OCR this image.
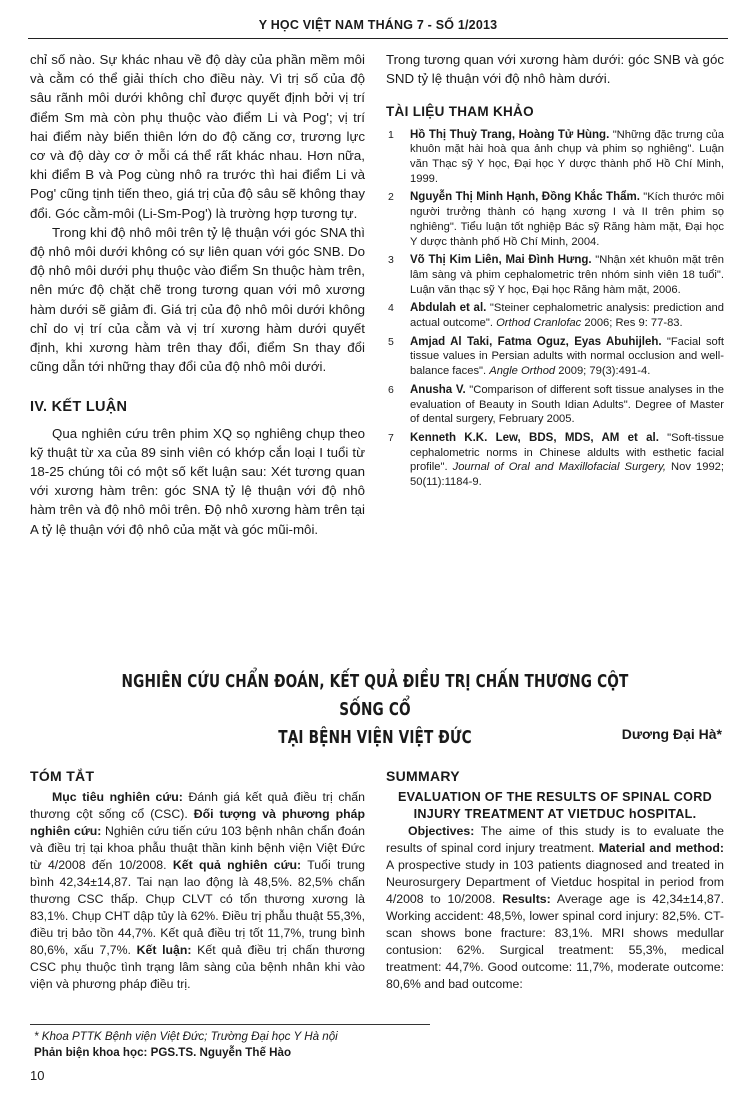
Y HỌC VIỆT NAM THÁNG 7 - SỐ 1/2013

chỉ số nào. Sự khác nhau về độ dày của phần mềm môi và cằm có thể giải thích cho điều này. Vì trị số của độ sâu rãnh môi dưới không chỉ được quyết định bởi vị trí điểm Sm mà còn phụ thuộc vào điểm Li và Pog'; vị trí hai điểm này biến thiên lớn do độ căng cơ, trương lực cơ và độ dày cơ ở mỗi cá thể rất khác nhau. Hơn nữa, khi điểm B và Pog cùng nhô ra trước thì hai điểm Li và Pog' cũng tịnh tiến theo, giá trị của độ sâu sẽ không thay đổi. Góc cằm-môi (Li-Sm-Pog') là trường hợp tương tự.

Trong khi độ nhô môi trên tỷ lệ thuận với góc SNA thì độ nhô môi dưới không có sự liên quan với góc SNB. Do độ nhô môi dưới phụ thuộc vào điểm Sn thuộc hàm trên, nên mức độ chặt chẽ trong tương quan với mô xương hàm dưới sẽ giảm đi. Giá trị của độ nhô môi dưới không chỉ do vị trí của cằm và vị trí xương hàm dưới quyết định, khi xương hàm trên thay đổi, điểm Sn thay đổi cũng dẫn tới những thay đổi của độ nhô môi dưới.

IV. KẾT LUẬN

Qua nghiên cứu trên phim XQ sọ nghiêng chụp theo kỹ thuật từ xa của 89 sinh viên có khớp cắn loại I tuổi từ 18-25 chúng tôi có một số kết luận sau: Xét tương quan với xương hàm trên: góc SNA tỷ lệ thuận với độ nhô hàm trên và độ nhô môi trên. Độ nhô xương hàm trên tại A tỷ lệ thuận với độ nhô của mặt và góc mũi-môi.

Trong tương quan với xương hàm dưới: góc SNB và góc SND tỷ lệ thuận với độ nhô hàm dưới.

TÀI LIỆU THAM KHẢO
1	Hồ Thị Thuỳ Trang, Hoàng Tử Hùng. "Những đặc trưng của khuôn mặt hài hoà qua ảnh chụp và phim sọ nghiêng". Luận văn Thạc sỹ Y học, Đại học Y dược thành phố Hồ Chí Minh, 1999.
2	Nguyễn Thị Minh Hạnh, Đồng Khắc Thẩm. "Kích thước môi người trưởng thành có hạng xương I và II trên phim sọ nghiêng". Tiểu luận tốt nghiệp Bác sỹ Răng hàm mặt, Đại học Y dược thành phố Hồ Chí Minh, 2004.
3	Võ Thị Kim Liên, Mai Đình Hưng. "Nhận xét khuôn mặt trên lâm sàng và phim cephalometric trên nhóm sinh viên 18 tuổi". Luận văn thạc sỹ Y học, Đại học Răng hàm mặt, 2006.
4	Abdulah et al. "Steiner cephalometric analysis: prediction and actual outcome". Orthod Cranlofac 2006; Res 9: 77-83.
5	Amjad Al Taki, Fatma Oguz, Eyas Abuhijleh. "Facial soft tissue values in Persian adults with normal occlusion and well-balance faces". Angle Orthod 2009; 79(3):491-4.
6	Anusha V. "Comparison of different soft tissue analyses in the evaluation of Beauty in South Idian Adults". Degree of Master of dental surgery, February 2005.
7	Kenneth K.K. Lew, BDS, MDS, AM et al. "Soft-tissue cephalometric norms in Chinese aldults with esthetic facial profile". Journal of Oral and Maxillofacial Surgery, Nov 1992; 50(11):1184-9.
NGHIÊN CỨU CHẨN ĐOÁN, KẾT QUẢ ĐIỀU TRỊ CHẤN THƯƠNG CỘT SỐNG CỔ
TẠI BỆNH VIỆN VIỆT ĐỨC	Dương Đại Hà*
TÓM TẮT

Mục tiêu nghiên cứu: Đánh giá kết quả điều trị chấn thương cột sống cổ (CSC). Đối tượng và phương pháp nghiên cứu: Nghiên cứu tiến cứu 103 bệnh nhân chẩn đoán và điều trị tại khoa phẫu thuật thần kinh bệnh viện Việt Đức từ 4/2008 đến 10/2008. Kết quả nghiên cứu: Tuổi trung bình 42,34±14,87. Tai nạn lao động là 48,5%. 82,5% chấn thương CSC thấp. Chụp CLVT có tổn thương xương là 83,1%. Chụp CHT dập tủy là 62%. Điều trị phẫu thuật 55,3%, điều trị bảo tồn 44,7%. Kết quả điều trị tốt 11,7%, trung bình 80,6%, xấu 7,7%. Kết luận: Kết quả điều trị chấn thương CSC phụ thuộc tình trạng lâm sàng của bệnh nhân khi vào viện và phương pháp điều trị.

SUMMARY
EVALUATION OF THE RESULTS OF SPINAL CORD INJURY TREATMENT AT VIETDUC hOSPITAL.

Objectives: The aime of this study is to evaluate the results of spinal cord injury treatment. Material and method: A prospective study in 103 patients diagnosed and treated in Neurosurgery Department of Vietduc hospital in period from 4/2008 to 10/2008. Results: Average age is 42,34±14,87. Working accident: 48,5%, lower spinal cord injury: 82,5%. CT-scan shows bone fracture: 83,1%. MRI shows medullar contusion: 62%. Surgical treatment: 55,3%, medical treatment: 44,7%. Good outcome: 11,7%, moderate outcome: 80,6% and bad outcome:

* Khoa PTTK Bệnh viện Việt Đức; Trường Đại học Y Hà nội
Phản biện khoa học: PGS.TS. Nguyễn Thế Hào
10
